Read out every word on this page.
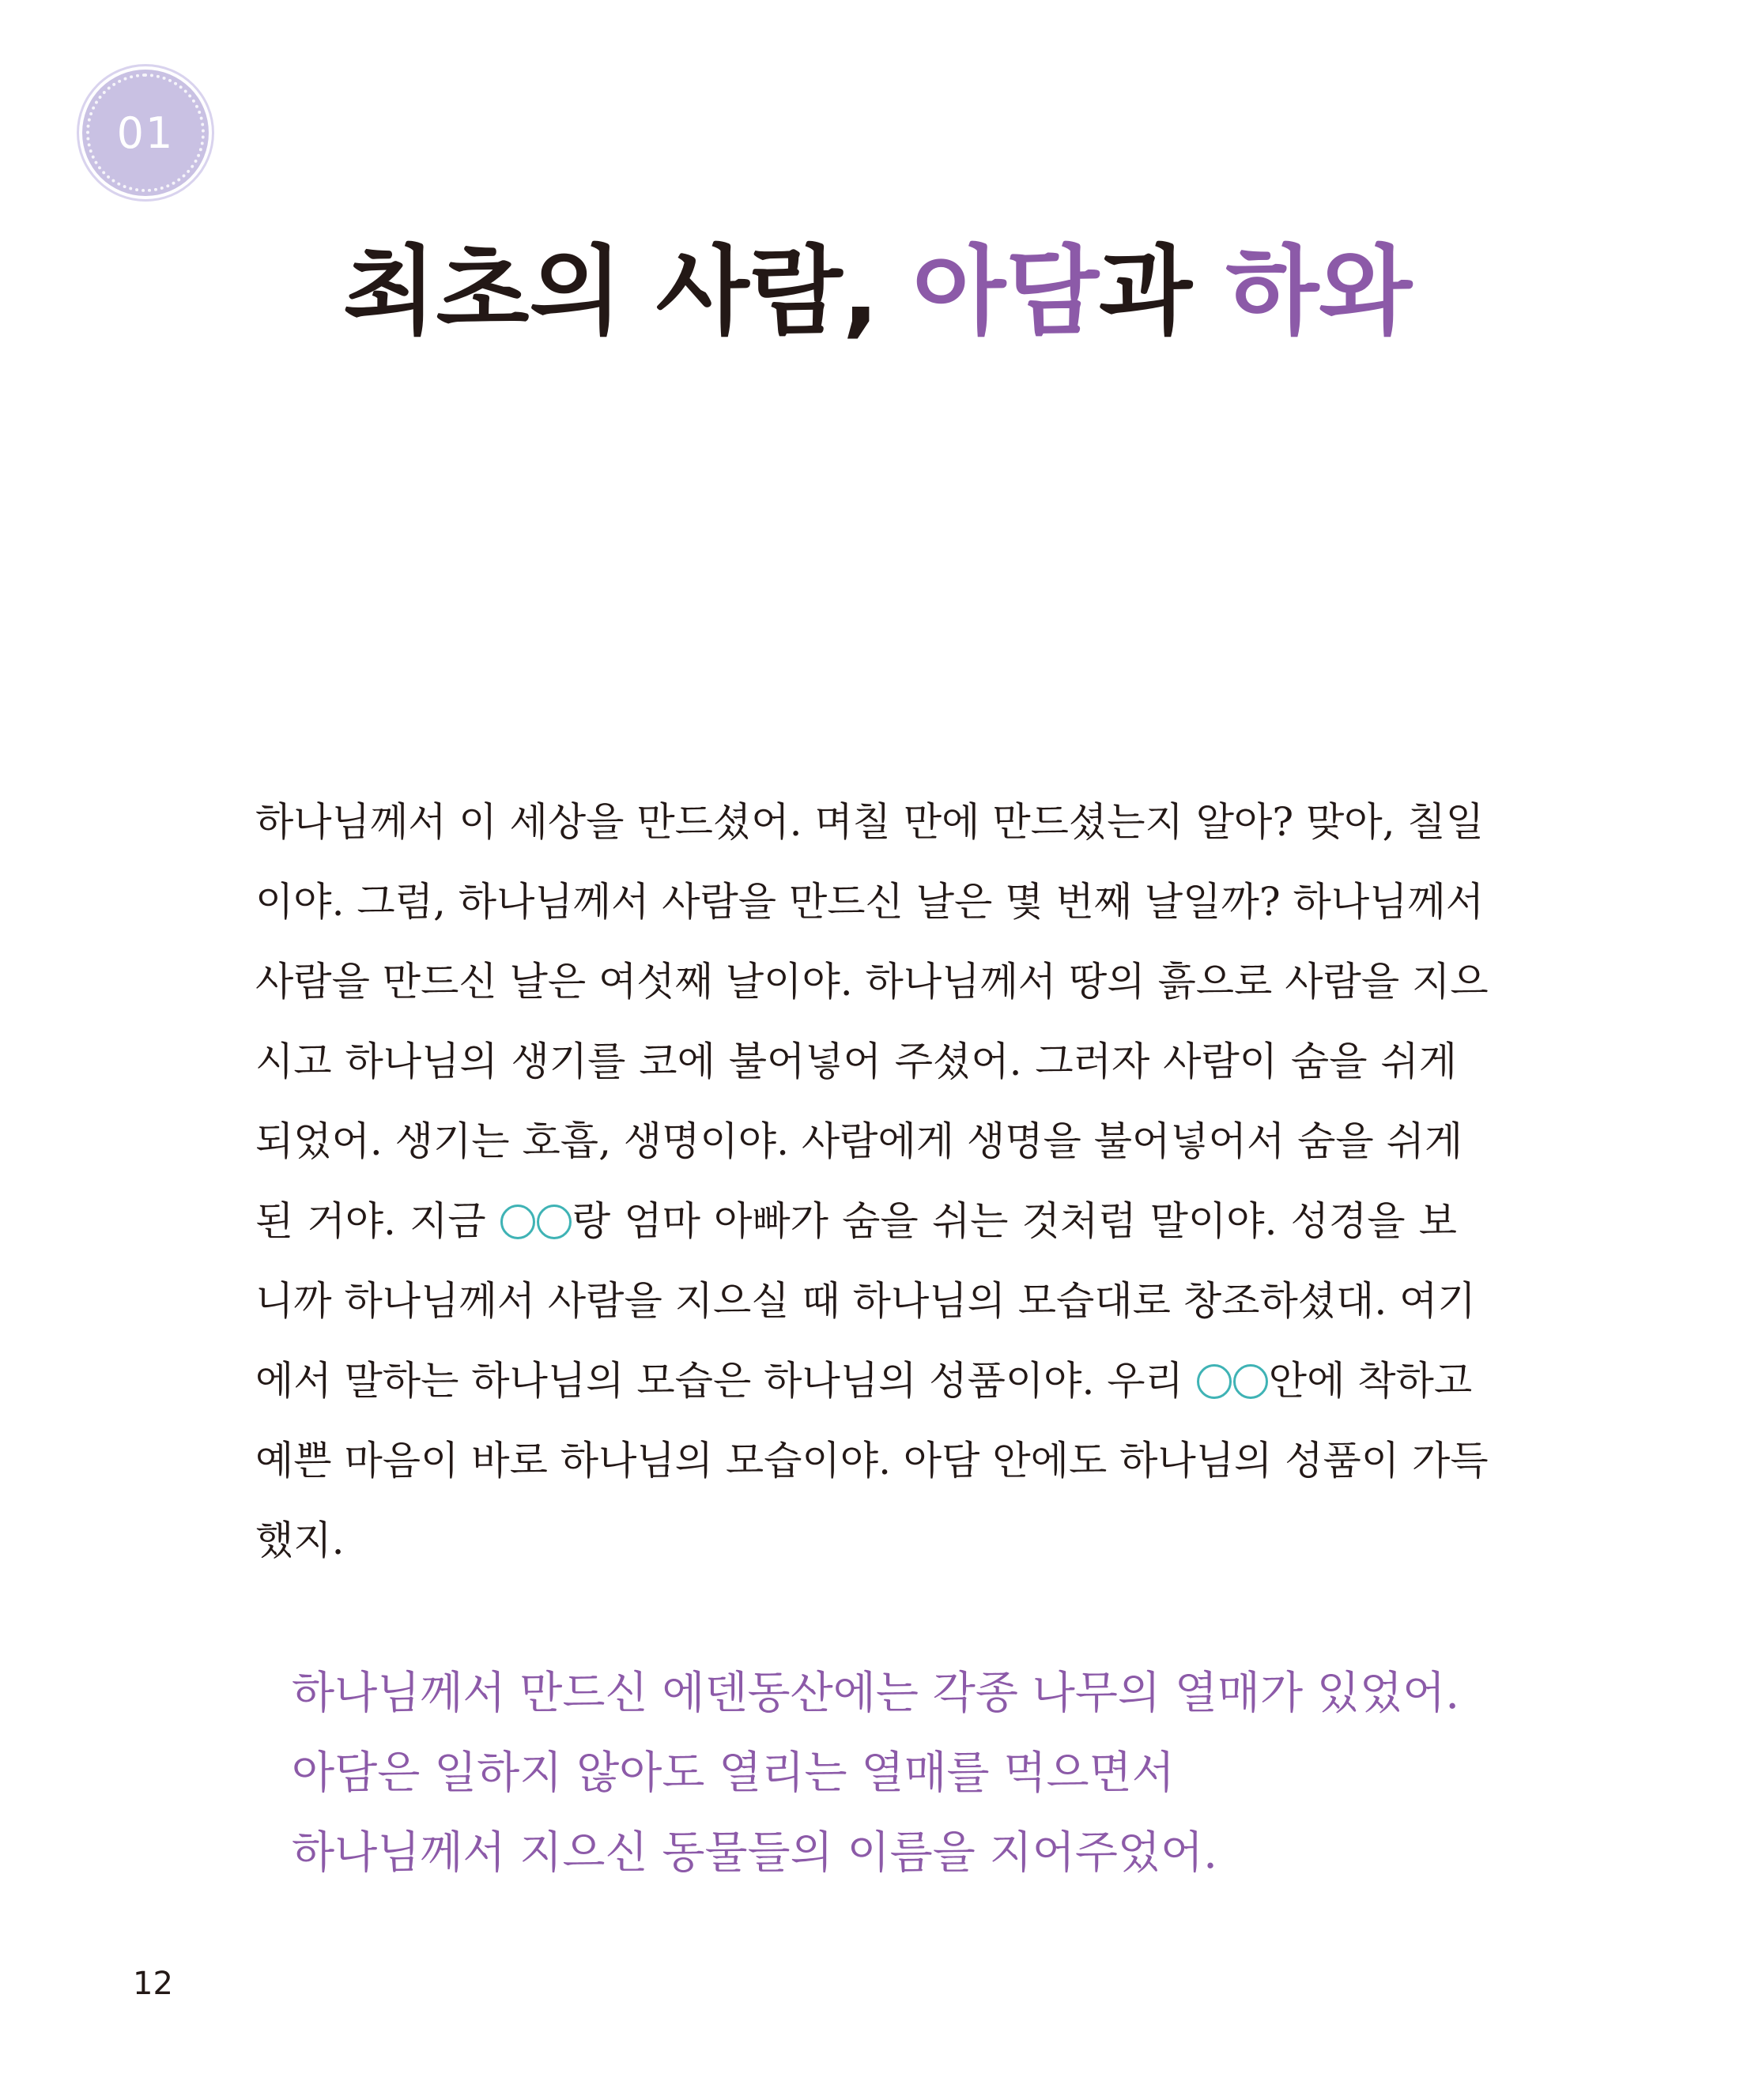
01
최초의 사람, 아담과 하와
하나님께서 이 세상을 만드셨어. 며칠 만에 만드셨는지 알아? 맞아, 칠일
이야. 그럼, 하나님께서 사람을 만드신 날은 몇 번째 날일까? 하나님께서
사람을 만드신 날은 여섯째 날이야. 하나님께서 땅의 흙으로 사람을 지으
시고 하나님의 생기를 코에 불어넣어 주셨어. 그러자 사람이 숨을 쉬게
되었어. 생기는 호흡, 생명이야. 사람에게 생명을 불어넣어서 숨을 쉬게
된 거야. 지금 랑 엄마 아빠가 숨을 쉬는 것처럼 말이야. 성경을 보
니까 하나님께서 사람을 지으실 때 하나님의 모습대로 창조하셨대. 여기
에서 말하는 하나님의 모습은 하나님의 성품이야. 우리 안에 착하고
예쁜 마음이 바로 하나님의 모습이야. 아담 안에도 하나님의 성품이 가득
했지.
하나님께서 만드신 에덴동산에는 각종 나무의 열매가 있었어.
아담은 일하지 않아도 열리는 열매를 먹으면서
하나님께서 지으신 동물들의 이름을 지어주었어.
12
